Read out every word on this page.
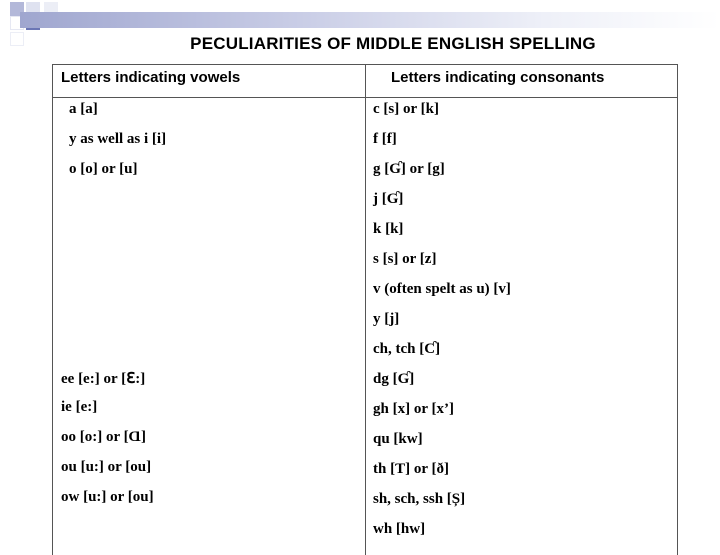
PECULIARITIES OF MIDDLE ENGLISH SPELLING
Letters indicating vowels	Letters indicating consonants
a [a]
y as well as i [i]
o [o] or [u]
ee [e:] or [ℇ:]
ie [e:]
oo [o:] or [Ɑ]
ou [u:] or [ou]
ow [u:] or [ou]
c [s] or [k]
f [f]
g [Ɠ] or [g]
j [Ɠ]
k [k]
s [s] or [z]
v (often spelt as u) [v]
y [j]
ch, tch [Ƈ]
dg [Ɠ]
gh [x] or [x’]
qu [kw]
th [Ƭ] or [ð]
sh, sch, ssh [Ș]
wh [hw]
